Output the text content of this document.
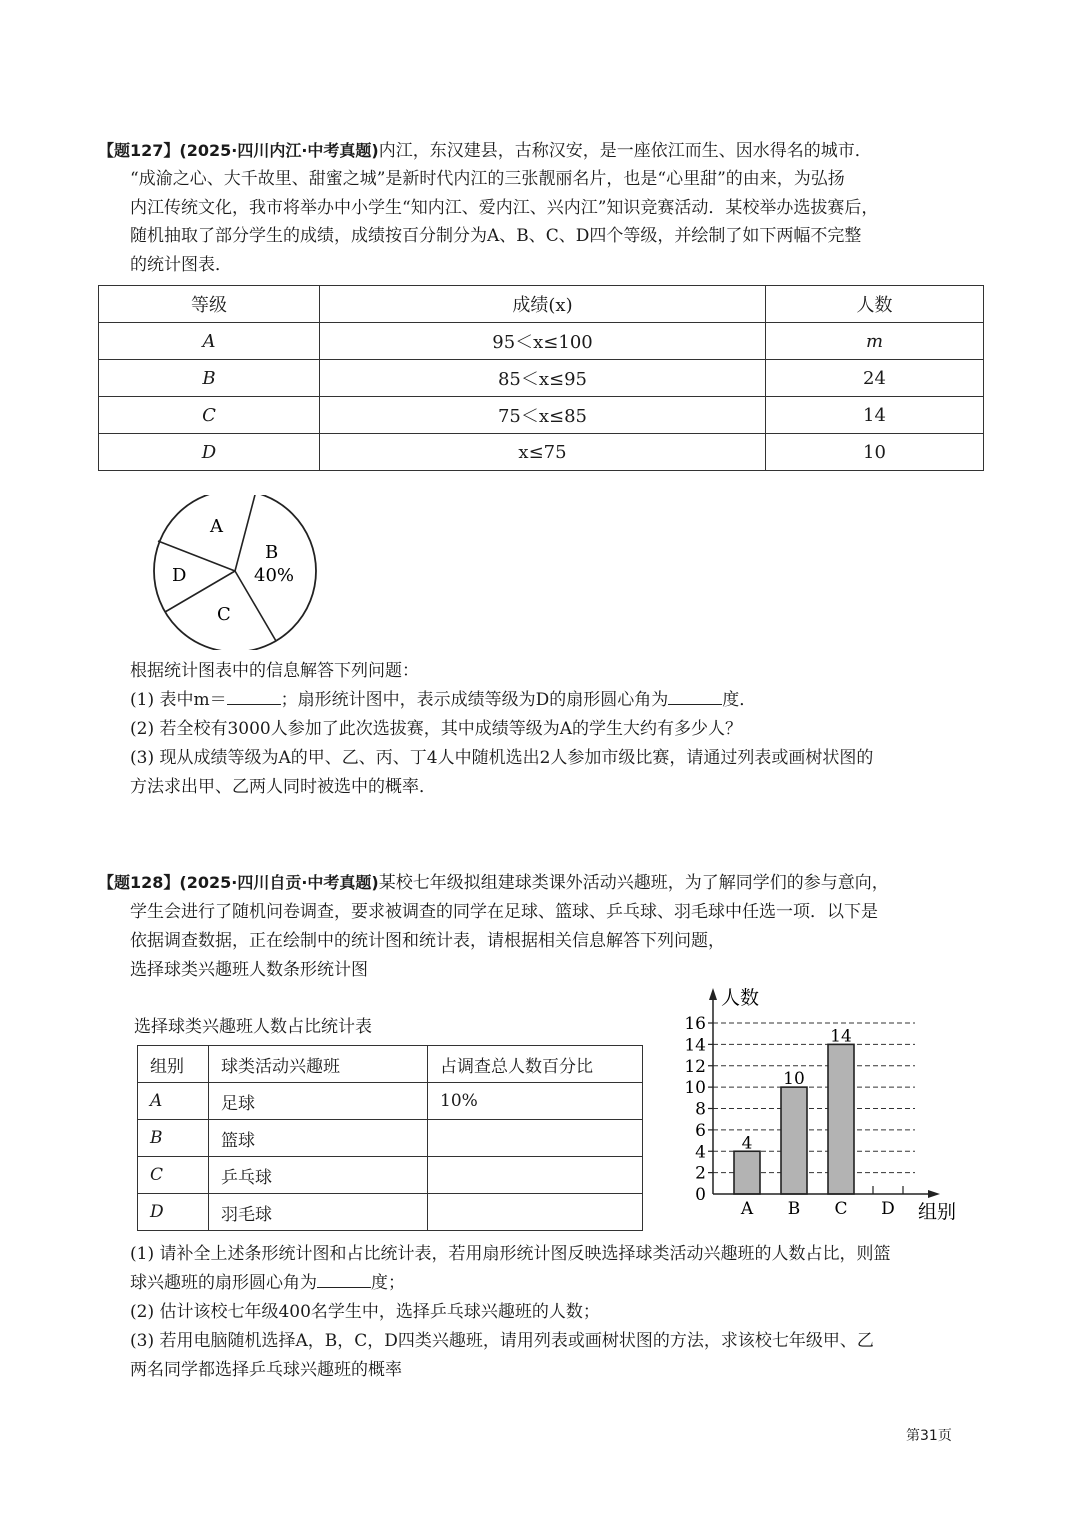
【题127】(2025·四川内江·中考真题)内江，东汉建县，古称汉安，是一座依江而生、因水得名的城市．
“成渝之心、大千故里、甜蜜之城”是新时代内江的三张靓丽名片，也是“心里甜”的由来，为弘扬
内江传统文化，我市将举办中小学生“知内江、爱内江、兴内江”知识竞赛活动．某校举办选拔赛后，
随机抽取了部分学生的成绩，成绩按百分制分为A、B、C、D四个等级，并绘制了如下两幅不完整
的统计图表．
等级	成绩(x)	人数
A	95＜x≤100	m
B	85＜x≤95	24
C	75＜x≤85	14
D	x≤75	10
A
B
40%
C
D
根据统计图表中的信息解答下列问题：
(1) 表中m＝	；扇形统计图中，表示成绩等级为D的扇形圆心角为	度．
(2) 若全校有3000人参加了此次选拔赛，其中成绩等级为A的学生大约有多少人？
(3) 现从成绩等级为A的甲、乙、丙、丁4人中随机选出2人参加市级比赛，请通过列表或画树状图的
方法求出甲、乙两人同时被选中的概率．
【题128】(2025·四川自贡·中考真题)某校七年级拟组建球类课外活动兴趣班，为了解同学们的参与意向，
学生会进行了随机问卷调查，要求被调查的同学在足球、篮球、乒乓球、羽毛球中任选一项．以下是
依据调查数据，正在绘制中的统计图和统计表，请根据相关信息解答下列问题，
选择球类兴趣班人数条形统计图
选择球类兴趣班人数占比统计表
组别	球类活动兴趣班	占调查总人数百分比
A	足球	10%
B	篮球	
C	乒乓球	
D	羽毛球	
4
10
14
0
2
4
6
8
10
12
14
16
A B C D
人数
组别
(1) 请补全上述条形统计图和占比统计表，若用扇形统计图反映选择球类活动兴趣班的人数占比，则篮
球兴趣班的扇形圆心角为	度；
(2) 估计该校七年级400名学生中，选择乒乓球兴趣班的人数；
(3) 若用电脑随机选择A，B，C，D四类兴趣班，请用列表或画树状图的方法，求该校七年级甲、乙
两名同学都选择乒乓球兴趣班的概率
第31页
